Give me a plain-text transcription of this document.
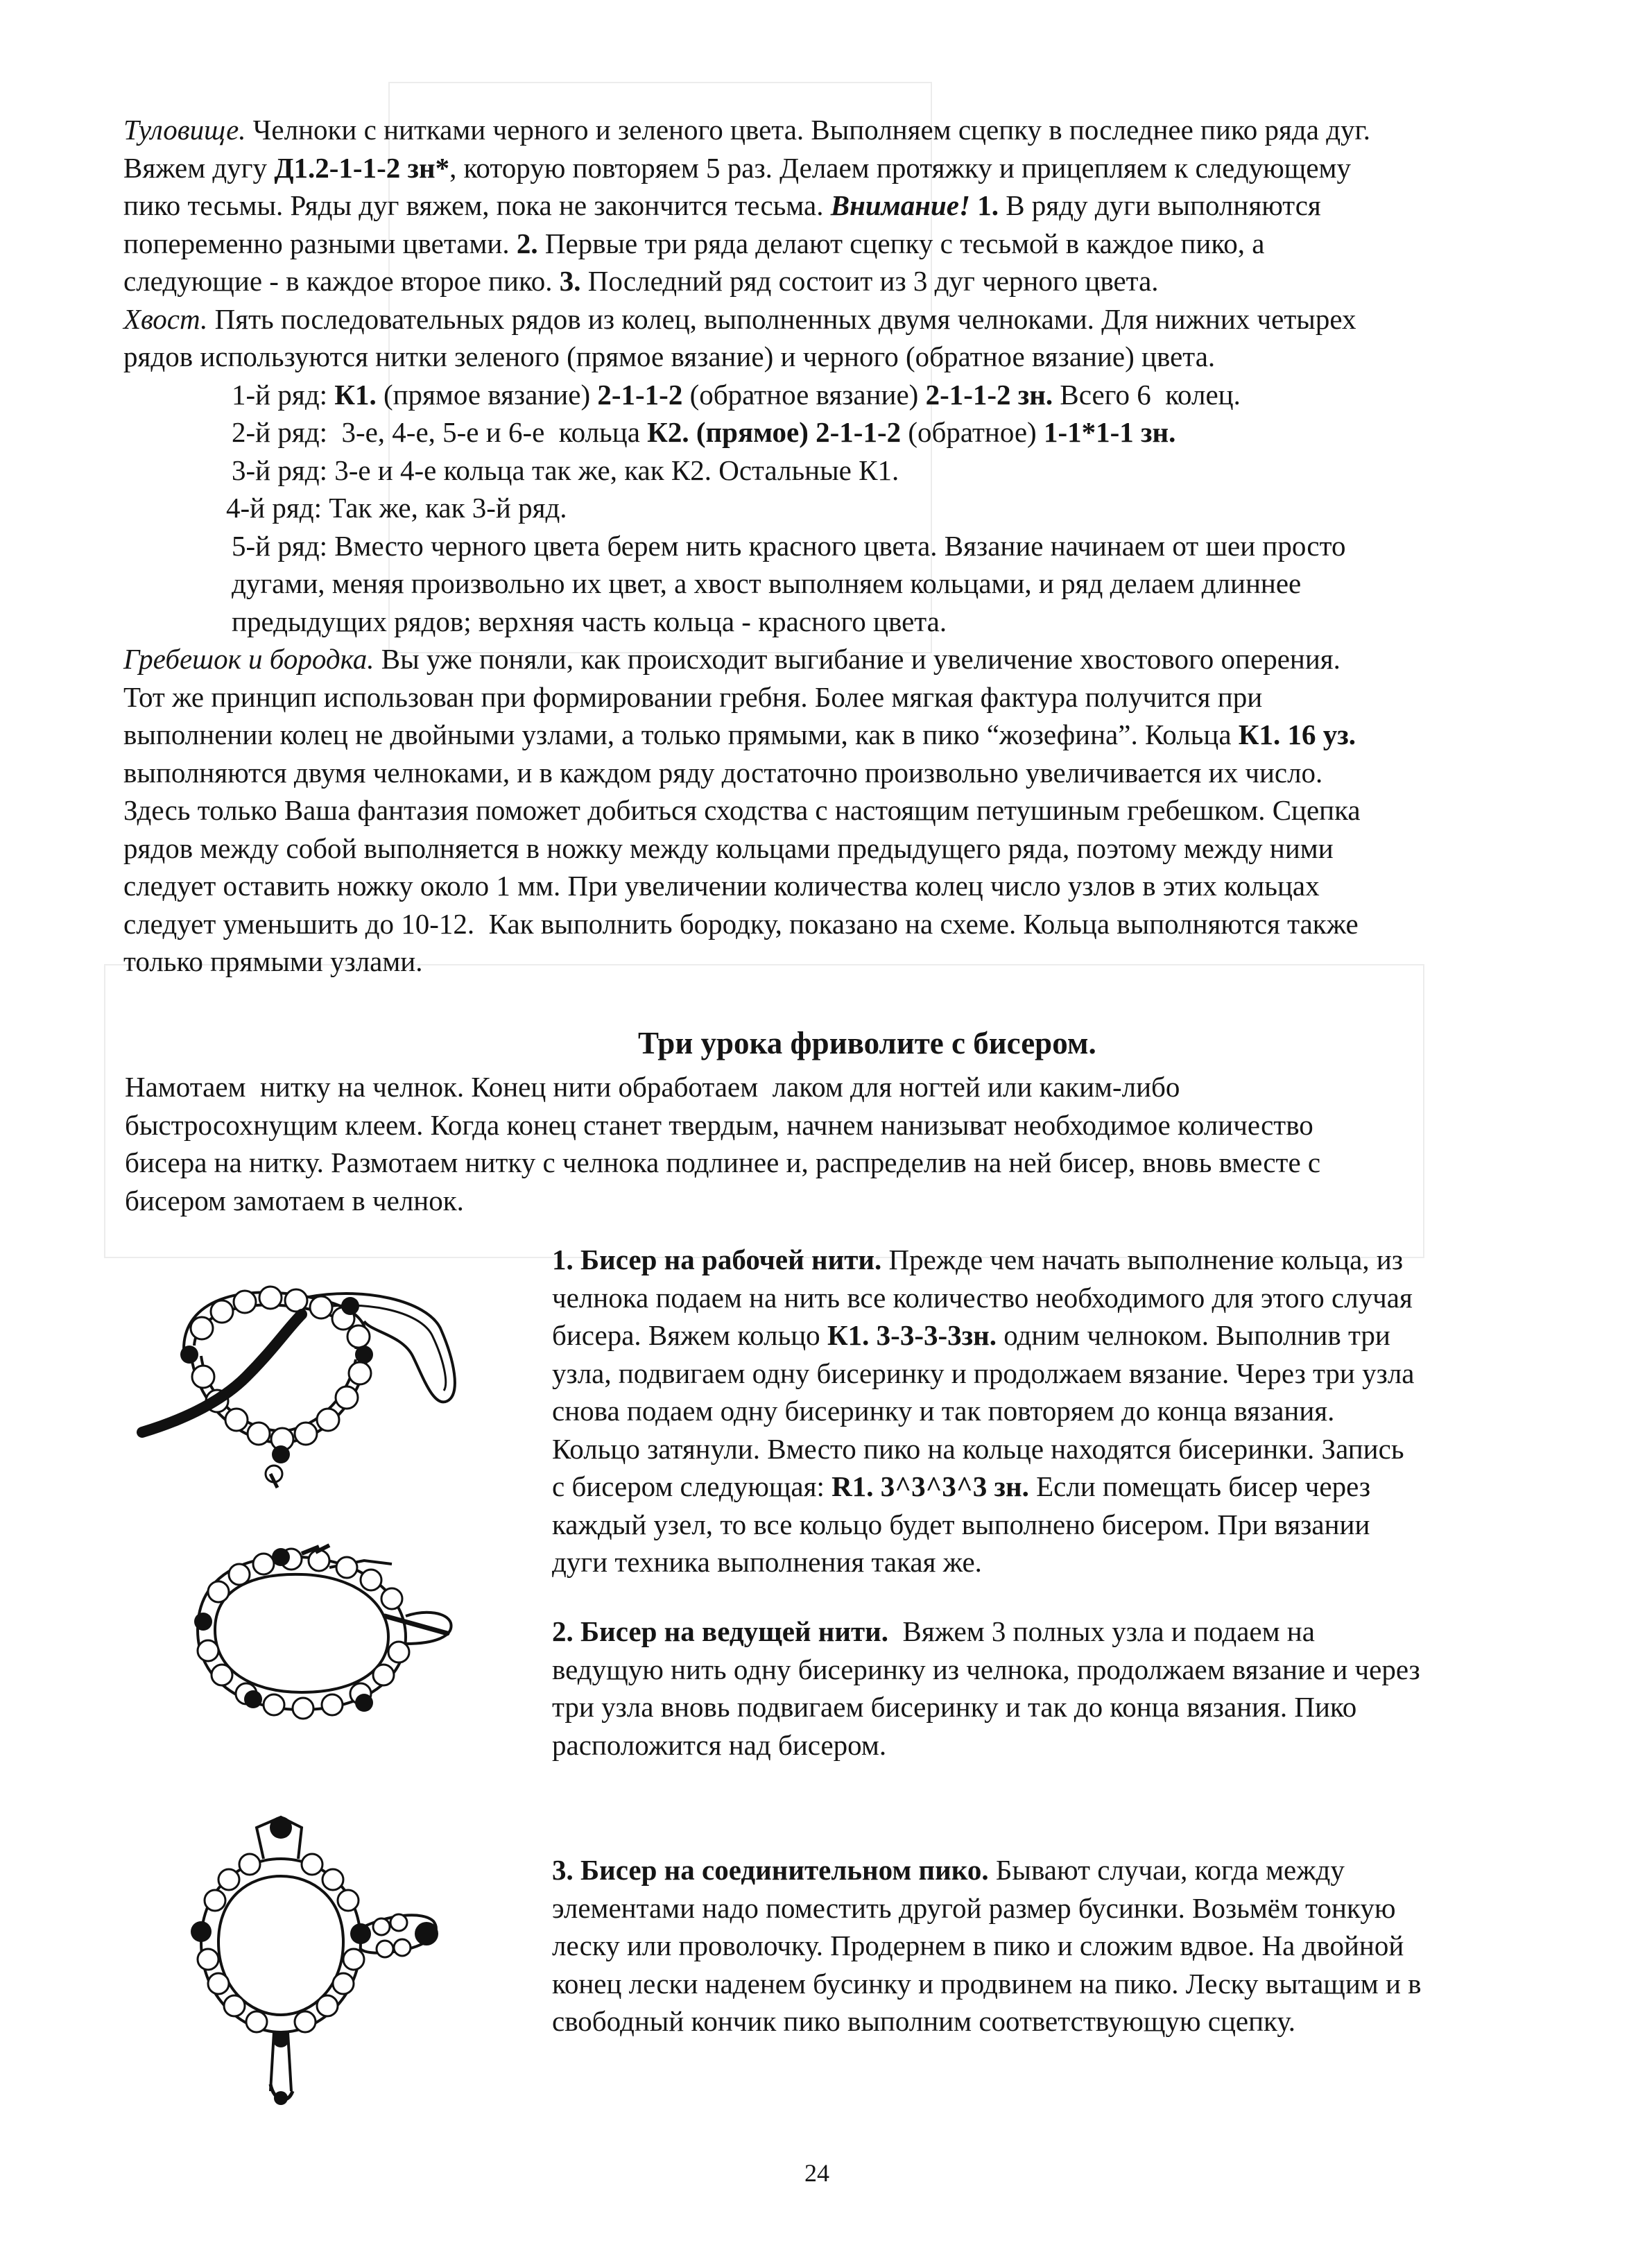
Туловище. Челноки с нитками черного и зеленого цвета. Выполняем сцепку в последнее пико ряда дуг.
Вяжем дугу Д1.2-1-1-2 зн*, которую повторяем 5 раз. Делаем протяжку и прицепляем к следующему
пико тесьмы. Ряды дуг вяжем, пока не закончится тесьма. Внимание! 1. В ряду дуги выполняются
попеременно разными цветами. 2. Первые три ряда делают сцепку с тесьмой в каждое пико, а
следующие - в каждое второе пико. 3. Последний ряд состоит из 3 дуг черного цвета.
Хвост. Пять последовательных рядов из колец, выполненных двумя челноками. Для нижних четырех
рядов используются нитки зеленого (прямое вязание) и черного (обратное вязание) цвета.
1-й ряд: К1. (прямое вязание) 2-1-1-2 (обратное вязание) 2-1-1-2 зн. Всего 6  колец.
2-й ряд:  3-е, 4-е, 5-е и 6-е  кольца К2. (прямое) 2-1-1-2 (обратное) 1-1*1-1 зн.
3-й ряд: 3-е и 4-е кольца так же, как К2. Остальные К1.
4-й ряд: Так же, как 3-й ряд.
5-й ряд: Вместо черного цвета берем нить красного цвета. Вязание начинаем от шеи просто
дугами, меняя произвольно их цвет, а хвост выполняем кольцами, и ряд делаем длиннее
предыдущих рядов; верхняя часть кольца - красного цвета.
Гребешок и бородка. Вы уже поняли, как происходит выгибание и увеличение хвостового оперения.
Тот же принцип использован при формировании гребня. Более мягкая фактура получится при
выполнении колец не двойными узлами, а только прямыми, как в пико “жозефина”. Кольца К1. 16 уз.
выполняются двумя челноками, и в каждом ряду достаточно произвольно увеличивается их число.
Здесь только Ваша фантазия поможет добиться сходства с настоящим петушиным гребешком. Сцепка
рядов между собой выполняется в ножку между кольцами предыдущего ряда, поэтому между ними
следует оставить ножку около 1 мм. При увеличении количества колец число узлов в этих кольцах
следует уменьшить до 10-12.  Как выполнить бородку, показано на схеме. Кольца выполняются также
только прямыми узлами.
Три урока фриволите с бисером.
Намотаем  нитку на челнок. Конец нити обработаем  лаком для ногтей или каким-либо
быстросохнущим клеем. Когда конец станет твердым, начнем нанизыват необходимое количество
бисера на нитку. Размотаем нитку с челнока подлинее и, распределив на ней бисер, вновь вместе с
бисером замотаем в челнок.
1. Бисер на рабочей нити. Прежде чем начать выполнение кольца, из
челнока подаем на нить все количество необходимого для этого случая
бисера. Вяжем кольцо К1. 3-3-3-3зн. одним челноком. Выполнив три
узла, подвигаем одну бисеринку и продолжаем вязание. Через три узла
снова подаем одну бисеринку и так повторяем до конца вязания.
Кольцо затянули. Вместо пико на кольце находятся бисеринки. Запись
с бисером следующая: R1. 3^3^3^3 зн. Если помещать бисер через
каждый узел, то все кольцо будет выполнено бисером. При вязании
дуги техника выполнения такая же.
2. Бисер на ведущей нити.  Вяжем 3 полных узла и подаем на
ведущую нить одну бисеринку из челнока, продолжаем вязание и через
три узла вновь подвигаем бисеринку и так до конца вязания. Пико
расположится над бисером.
3. Бисер на соединительном пико. Бывают случаи, когда между
элементами надо поместить другой размер бусинки. Возьмём тонкую
леску или проволочку. Продернем в пико и сложим вдвое. На двойной
конец лески наденем бусинку и продвинем на пико. Леску вытащим и в
свободный кончик пико выполним соответствующую сцепку.
24
